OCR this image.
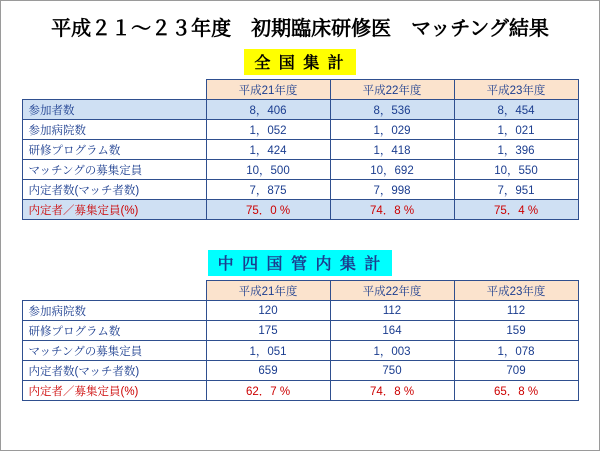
平成２１～２３年度　初期臨床研修医　マッチング結果
全 国 集 計
	平成21年度	平成22年度	平成23年度
参加者数	8，406	8，536	8，454
参加病院数	1，052	1，029	1，021
研修プログラム数	1，424	1，418	1，396
マッチングの募集定員	10，500	10，692	10，550
内定者数(マッチ者数)	7，875	7，998	7，951
内定者／募集定員(%)	75．0 %	74．8 %	75．4 %
中 四 国 管 内 集 計
	平成21年度	平成22年度	平成23年度
参加病院数	120	112	112
研修プログラム数	175	164	159
マッチングの募集定員	1，051	1，003	1，078
内定者数(マッチ者数)	659	750	709
内定者／募集定員(%)	62．7 %	74．8 %	65．8 %
